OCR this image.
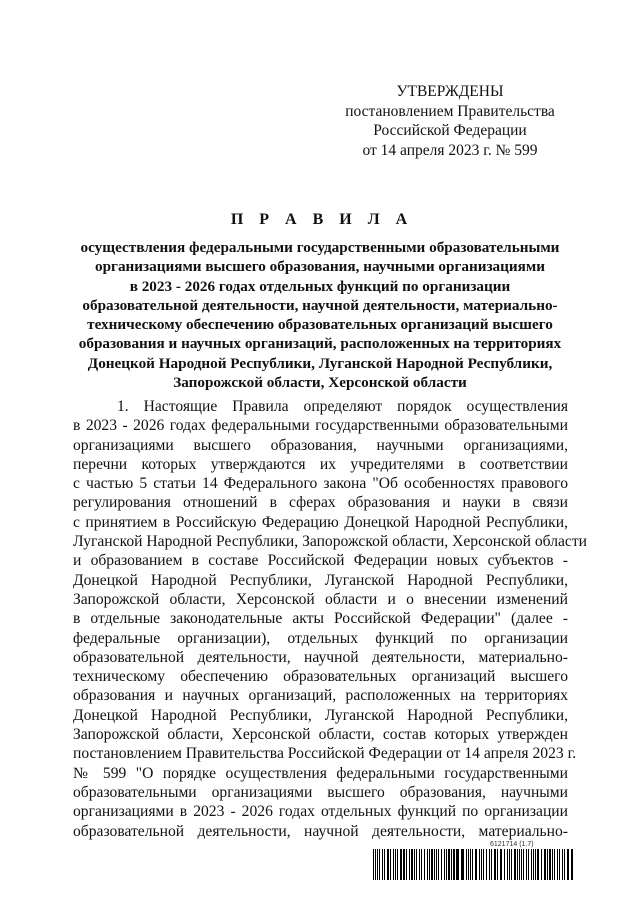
УТВЕРЖДЕНЫ
постановлением Правительства
Российской Федерации
от 14 апреля 2023 г. № 599
П Р А В И Л А
осуществления федеральными государственными образовательными
организациями высшего образования, научными организациями
в 2023 - 2026 годах отдельных функций по организации
образовательной деятельности, научной деятельности, материально-
техническому обеспечению образовательных организаций высшего
образования и научных организаций, расположенных на территориях
Донецкой Народной Республики, Луганской Народной Республики,
Запорожской области, Херсонской области
1. Настоящие Правила определяют порядок осуществления
в 2023 - 2026 годах федеральными государственными образовательными
организациями высшего образования, научными организациями,
перечни которых утверждаются их учредителями в соответствии
с частью 5 статьи 14 Федерального закона "Об особенностях правового
регулирования отношений в сферах образования и науки в связи
с принятием в Российскую Федерацию Донецкой Народной Республики,
Луганской Народной Республики, Запорожской области, Херсонской области
и образованием в составе Российской Федерации новых субъектов -
Донецкой Народной Республики, Луганской Народной Республики,
Запорожской области, Херсонской области и о внесении изменений
в отдельные законодательные акты Российской Федерации" (далее -
федеральные организации), отдельных функций по организации
образовательной деятельности, научной деятельности, материально-
техническому обеспечению образовательных организаций высшего
образования и научных организаций, расположенных на территориях
Донецкой Народной Республики, Луганской Народной Республики,
Запорожской области, Херсонской области, состав которых утвержден
постановлением Правительства Российской Федерации от 14 апреля 2023 г.
№ 599 "О порядке осуществления федеральными государственными
образовательными организациями высшего образования, научными
организациями в 2023 - 2026 годах отдельных функций по организации
образовательной деятельности, научной деятельности, материально-
6121714 (1.7)
